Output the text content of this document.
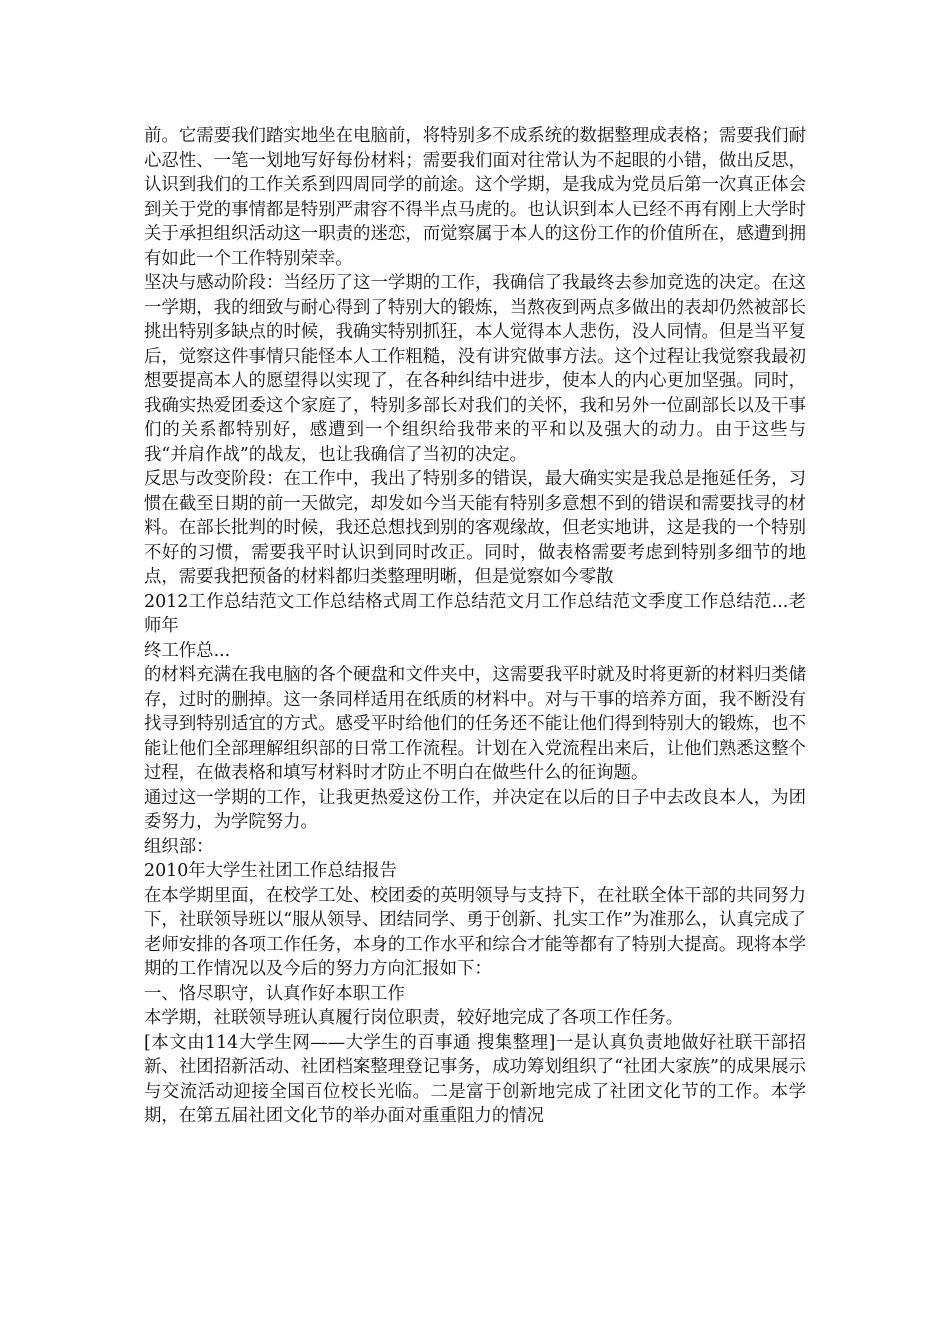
前。它需要我们踏实地坐在电脑前，将特别多不成系统的数据整理成表格；需要我们耐心忍性、一笔一划地写好每份材料；需要我们面对往常认为不起眼的小错，做出反思，认识到我们的工作关系到四周同学的前途。这个学期，是我成为党员后第一次真正体会到关于党的事情都是特别严肃容不得半点马虎的。也认识到本人已经不再有刚上大学时关于承担组织活动这一职责的迷恋，而觉察属于本人的这份工作的价值所在，感遭到拥有如此一个工作特别荣幸。

坚决与感动阶段：当经历了这一学期的工作，我确信了我最终去参加竞选的决定。在这一学期，我的细致与耐心得到了特别大的锻炼，当熬夜到两点多做出的表却仍然被部长挑出特别多缺点的时候，我确实特别抓狂，本人觉得本人悲伤，没人同情。但是当平复后，觉察这件事情只能怪本人工作粗糙，没有讲究做事方法。这个过程让我觉察我最初想要提高本人的愿望得以实现了，在各种纠结中进步，使本人的内心更加坚强。同时，我确实热爱团委这个家庭了，特别多部长对我们的关怀，我和另外一位副部长以及干事们的关系都特别好，感遭到一个组织给我带来的平和以及强大的动力。由于这些与我“并肩作战”的战友，也让我确信了当初的决定。

反思与改变阶段：在工作中，我出了特别多的错误，最大确实实是我总是拖延任务，习惯在截至日期的前一天做完，却发如今当天能有特别多意想不到的错误和需要找寻的材料。在部长批判的时候，我还总想找到别的客观缘故，但老实地讲，这是我的一个特别不好的习惯，需要我平时认识到同时改正。同时，做表格需要考虑到特别多细节的地点，需要我把预备的材料都归类整理明晰，但是觉察如今零散

2012工作总结范文工作总结格式周工作总结范文月工作总结范文季度工作总结范...老师年

终工作总...

的材料充满在我电脑的各个硬盘和文件夹中，这需要我平时就及时将更新的材料归类储存，过时的删掉。这一条同样适用在纸质的材料中。对与干事的培养方面，我不断没有找寻到特别适宜的方式。感受平时给他们的任务还不能让他们得到特别大的锻炼，也不能让他们全部理解组织部的日常工作流程。计划在入党流程出来后，让他们熟悉这整个过程，在做表格和填写材料时才防止不明白在做些什么的征询题。

通过这一学期的工作，让我更热爱这份工作，并决定在以后的日子中去改良本人，为团委努力，为学院努力。

组织部：

2010年大学生社团工作总结报告

在本学期里面，在校学工处、校团委的英明领导与支持下，在社联全体干部的共同努力下，社联领导班以“服从领导、团结同学、勇于创新、扎实工作”为准那么，认真完成了老师安排的各项工作任务，本身的工作水平和综合才能等都有了特别大提高。现将本学期的工作情况以及今后的努力方向汇报如下：

一、恪尽职守，认真作好本职工作

本学期，社联领导班认真履行岗位职责，较好地完成了各项工作任务。

[本文由114大学生网——大学生的百事通 搜集整理]一是认真负责地做好社联干部招新、社团招新活动、社团档案整理登记事务，成功筹划组织了“社团大家族”的成果展示与交流活动迎接全国百位校长光临。二是富于创新地完成了社团文化节的工作。本学期，在第五届社团文化节的举办面对重重阻力的情况
